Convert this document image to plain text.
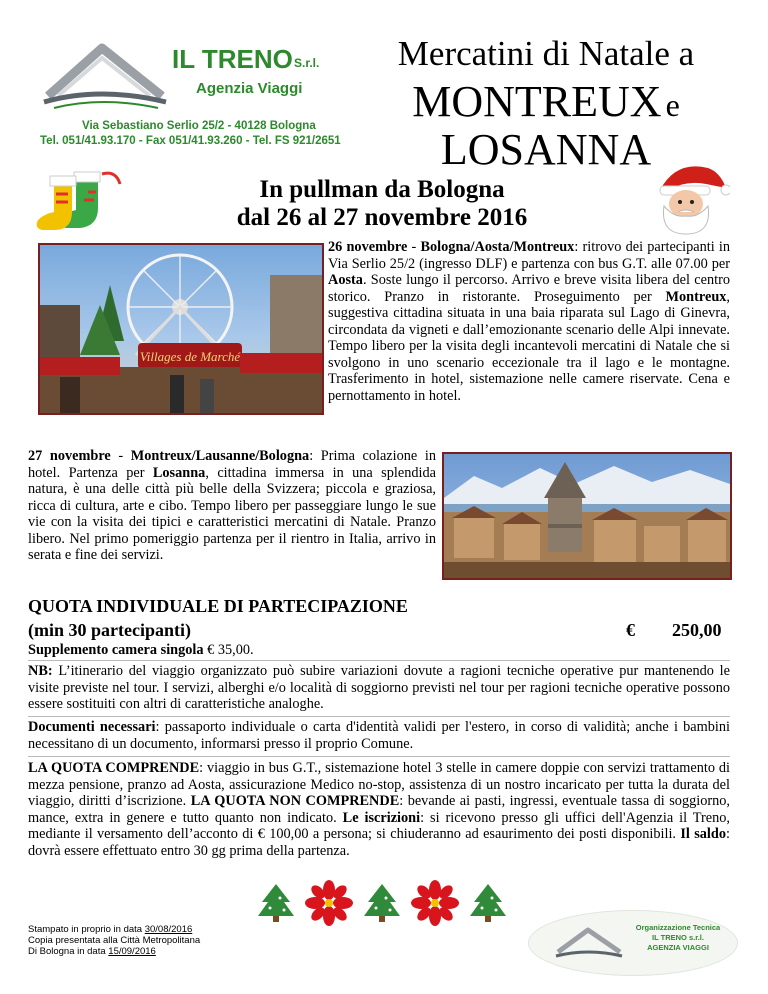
IL TRENO S.r.l.
Agenzia Viaggi
Via Sebastiano Serlio 25/2 - 40128 Bologna
Tel. 051/41.93.170 - Fax 051/41.93.260 - Tel. FS 921/2651
Mercatini di Natale a
MONTREUX e
LOSANNA
In pullman da Bologna
dal 26 al 27 novembre 2016
Villages de Marché

26 novembre - Bologna/Aosta/Montreux: ritrovo dei partecipanti in Via Serlio 25/2 (ingresso DLF) e partenza con bus G.T. alle 07.00 per Aosta. Soste lungo il percorso. Arrivo e breve visita libera del centro storico. Pranzo in ristorante. Proseguimento per Montreux, suggestiva cittadina situata in una baia riparata sul Lago di Ginevra, circondata da vigneti e dall’emozionante scenario delle Alpi innevate. Tempo libero per la visita degli incantevoli mercatini di Natale che si svolgono in uno scenario eccezionale tra il lago e le montagne. Trasferimento in hotel, sistemazione nelle camere riservate. Cena e pernottamento in hotel.

27 novembre - Montreux/Lausanne/Bologna: Prima colazione in hotel. Partenza per Losanna, cittadina immersa in una splendida natura, è una delle città più belle della Svizzera; piccola e graziosa, ricca di cultura, arte e cibo. Tempo libero per passeggiare lungo le sue vie con la visita dei tipici e caratteristici mercatini di Natale. Pranzo libero. Nel primo pomeriggio partenza per il rientro in Italia, arrivo in serata e fine dei servizi.

QUOTA INDIVIDUALE DI PARTECIPAZIONE
(min 30 partecipanti)	€ 250,00
Supplemento camera singola € 35,00.

NB: L’itinerario del viaggio organizzato può subire variazioni dovute a ragioni tecniche operative pur mantenendo le visite previste nel tour. I servizi, alberghi e/o località di soggiorno previsti nel tour per ragioni tecniche operative possono essere sostituiti con altri di caratteristiche analoghe.

Documenti necessari: passaporto individuale o carta d'identità validi per l'estero, in corso di validità; anche i bambini necessitano di un documento, informarsi presso il proprio Comune.

LA QUOTA COMPRENDE: viaggio in bus G.T., sistemazione hotel 3 stelle in camere doppie con servizi trattamento di mezza pensione, pranzo ad Aosta, assicurazione Medico no-stop, assistenza di un nostro incaricato per tutta la durata del viaggio, diritti d’iscrizione. LA QUOTA NON COMPRENDE: bevande ai pasti, ingressi, eventuale tassa di soggiorno, mance, extra in genere e tutto quanto non indicato. Le iscrizioni: si ricevono presso gli uffici dell'Agenzia il Treno, mediante il versamento dell’acconto di € 100,00 a persona; si chiuderanno ad esaurimento dei posti disponibili. Il saldo: dovrà essere effettuato entro 30 gg prima della partenza.

Stampato in proprio in data 30/08/2016
Copia presentata alla Città Metropolitana
Di Bologna in data 15/09/2016
Organizzazione Tecnica
IL TRENO s.r.l.
AGENZIA VIAGGI
